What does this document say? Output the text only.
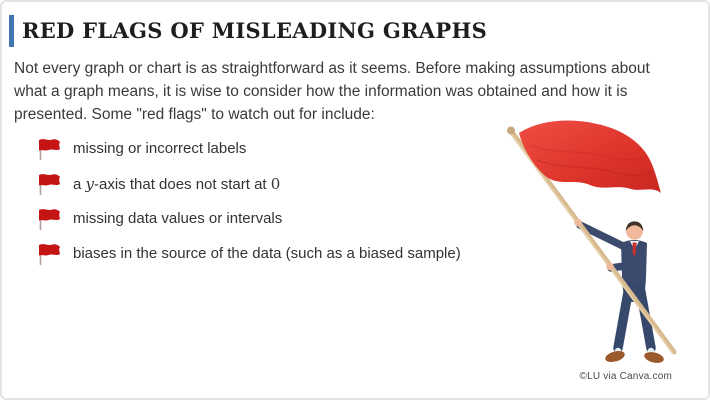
RED FLAGS OF MISLEADING GRAPHS

Not every graph or chart is as straightforward as it seems. Before making assumptions about
what a graph means, it is wise to consider how the information was obtained and how it is
presented. Some "red flags" to watch out for include:

missing or incorrect labels
a y-axis that does not start at 0
missing data values or intervals
biases in the source of the data (such as a biased sample)
©LU via Canva.com
